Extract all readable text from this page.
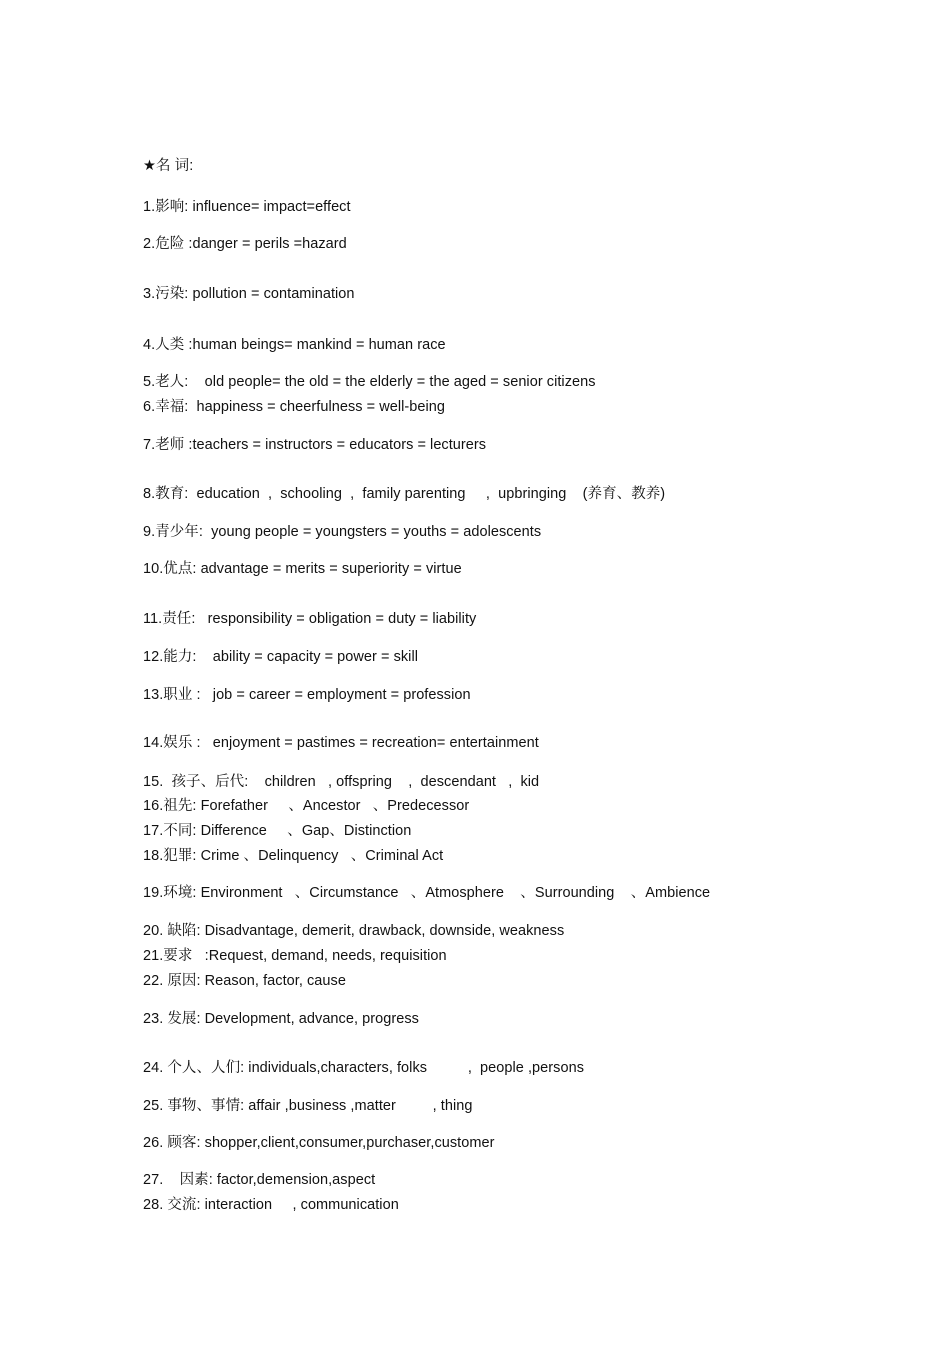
★名 词:
1.影响: influence= impact=effect
2.危险 :danger = perils =hazard
3.污染: pollution = contamination
4.人类 :human beings= mankind = human race
5.老人:    old people= the old = the elderly = the aged = senior citizens
6.幸福:  happiness = cheerfulness = well-being
7.老师 :teachers = instructors = educators = lecturers
8.教育:  education  ,  schooling  ,  family parenting     ,  upbringing    (养育、教养)
9.青少年:  young people = youngsters = youths = adolescents
10.优点: advantage = merits = superiority = virtue
11.责任:   responsibility = obligation = duty = liability
12.能力:    ability = capacity = power = skill
13.职业 :   job = career = employment = profession
14.娱乐 :   enjoyment = pastimes = recreation= entertainment
15.  孩子、后代:    children   , offspring    ,  descendant   ,  kid
16.祖先: Forefather     、Ancestor   、Predecessor
17.不同: Difference     、Gap、Distinction
18.犯罪: Crime 、Delinquency   、Criminal Act
19.环境: Environment   、Circumstance   、Atmosphere    、Surrounding    、Ambience
20. 缺陷: Disadvantage, demerit, drawback, downside, weakness
21.要求   :Request, demand, needs, requisition
22. 原因: Reason, factor, cause
23. 发展: Development, advance, progress
24. 个人、人们: individuals,characters, folks          ,  people ,persons
25. 事物、事情: affair ,business ,matter         , thing
26. 顾客: shopper,client,consumer,purchaser,customer
27.    因素: factor,demension,aspect
28. 交流: interaction     , communication
